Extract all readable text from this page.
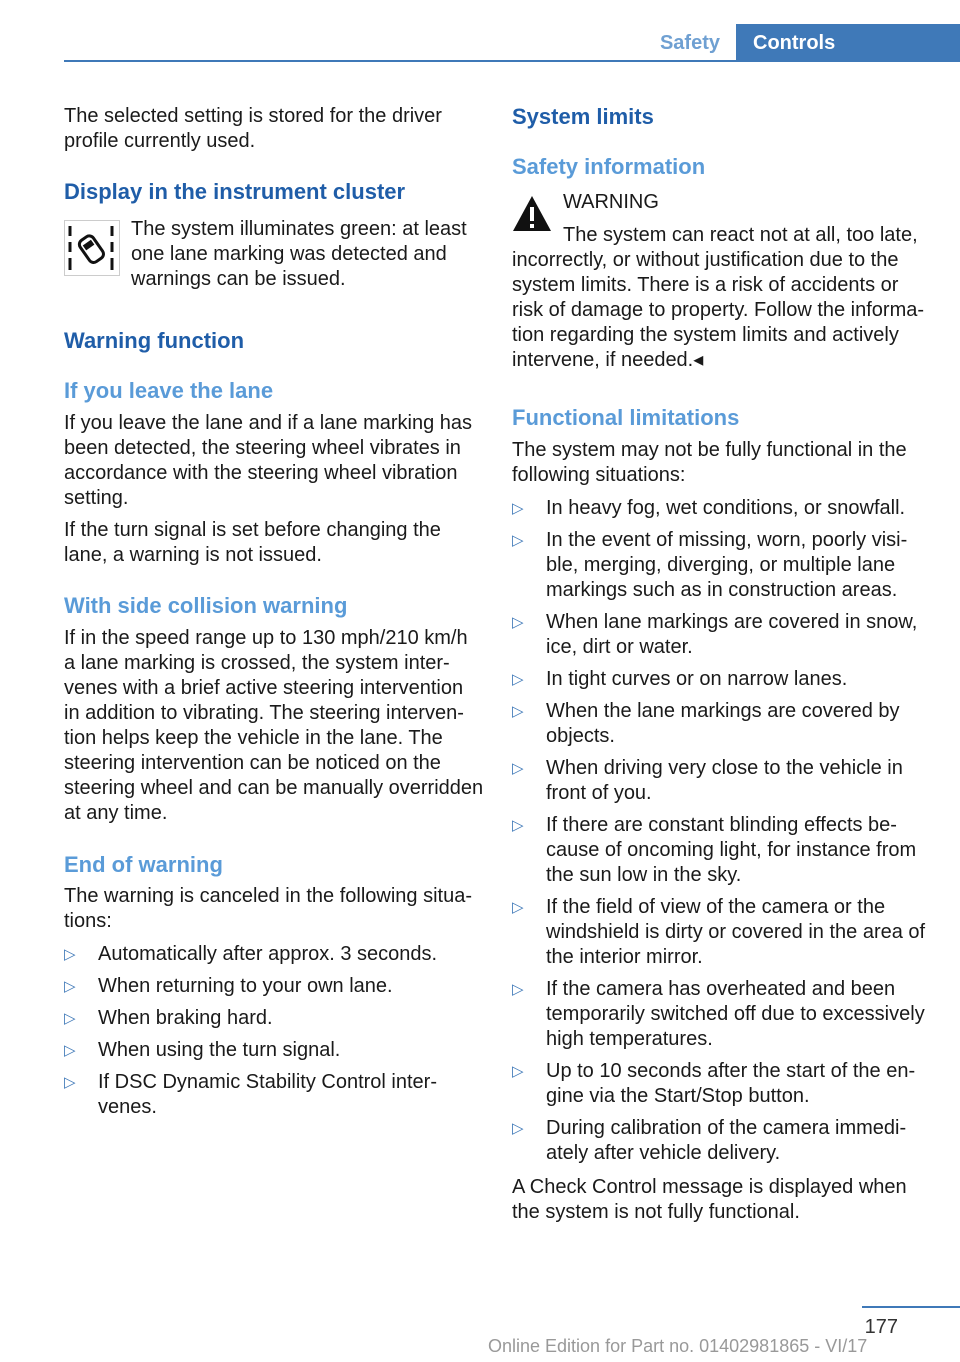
Safety	Controls

The selected setting is stored for the driver profile currently used.

Display in the instrument cluster

The system illuminates green: at least one lane marking was detected and warnings can be issued.

Warning function
If you leave the lane

If you leave the lane and if a lane marking has been detected, the steering wheel vibrates in accordance with the steering wheel vibration setting.

If the turn signal is set before changing the lane, a warning is not issued.

With side collision warning

If in the speed range up to 130 mph/210 km/h a lane marking is crossed, the system inter‐venes with a brief active steering intervention in addition to vibrating. The steering interven‐tion helps keep the vehicle in the lane. The steering intervention can be noticed on the steering wheel and can be manually overridden at any time.

End of warning

The warning is canceled in the following situa‐tions:

▷ Automatically after approx. 3 seconds.
▷ When returning to your own lane.
▷ When braking hard.
▷ When using the turn signal.
▷ If DSC Dynamic Stability Control inter‐venes.
System limits
Safety information

WARNING

The system can react not at all, too late, incorrectly, or without justification due to the system limits. There is a risk of accidents or risk of damage to property. Follow the informa‐tion regarding the system limits and actively intervene, if needed.◂

Functional limitations

The system may not be fully functional in the following situations:

▷ In heavy fog, wet conditions, or snowfall.
▷ In the event of missing, worn, poorly visi‐ble, merging, diverging, or multiple lane markings such as in construction areas.
▷ When lane markings are covered in snow, ice, dirt or water.
▷ In tight curves or on narrow lanes.
▷ When the lane markings are covered by objects.
▷ When driving very close to the vehicle in front of you.
▷ If there are constant blinding effects be‐cause of oncoming light, for instance from the sun low in the sky.
▷ If the field of view of the camera or the windshield is dirty or covered in the area of the interior mirror.
▷ If the camera has overheated and been temporarily switched off due to excessively high temperatures.
▷ Up to 10 seconds after the start of the en‐gine via the Start/Stop button.
▷ During calibration of the camera immedi‐ately after vehicle delivery.

A Check Control message is displayed when the system is not fully functional.

177
Online Edition for Part no. 01402981865 - VI/17
